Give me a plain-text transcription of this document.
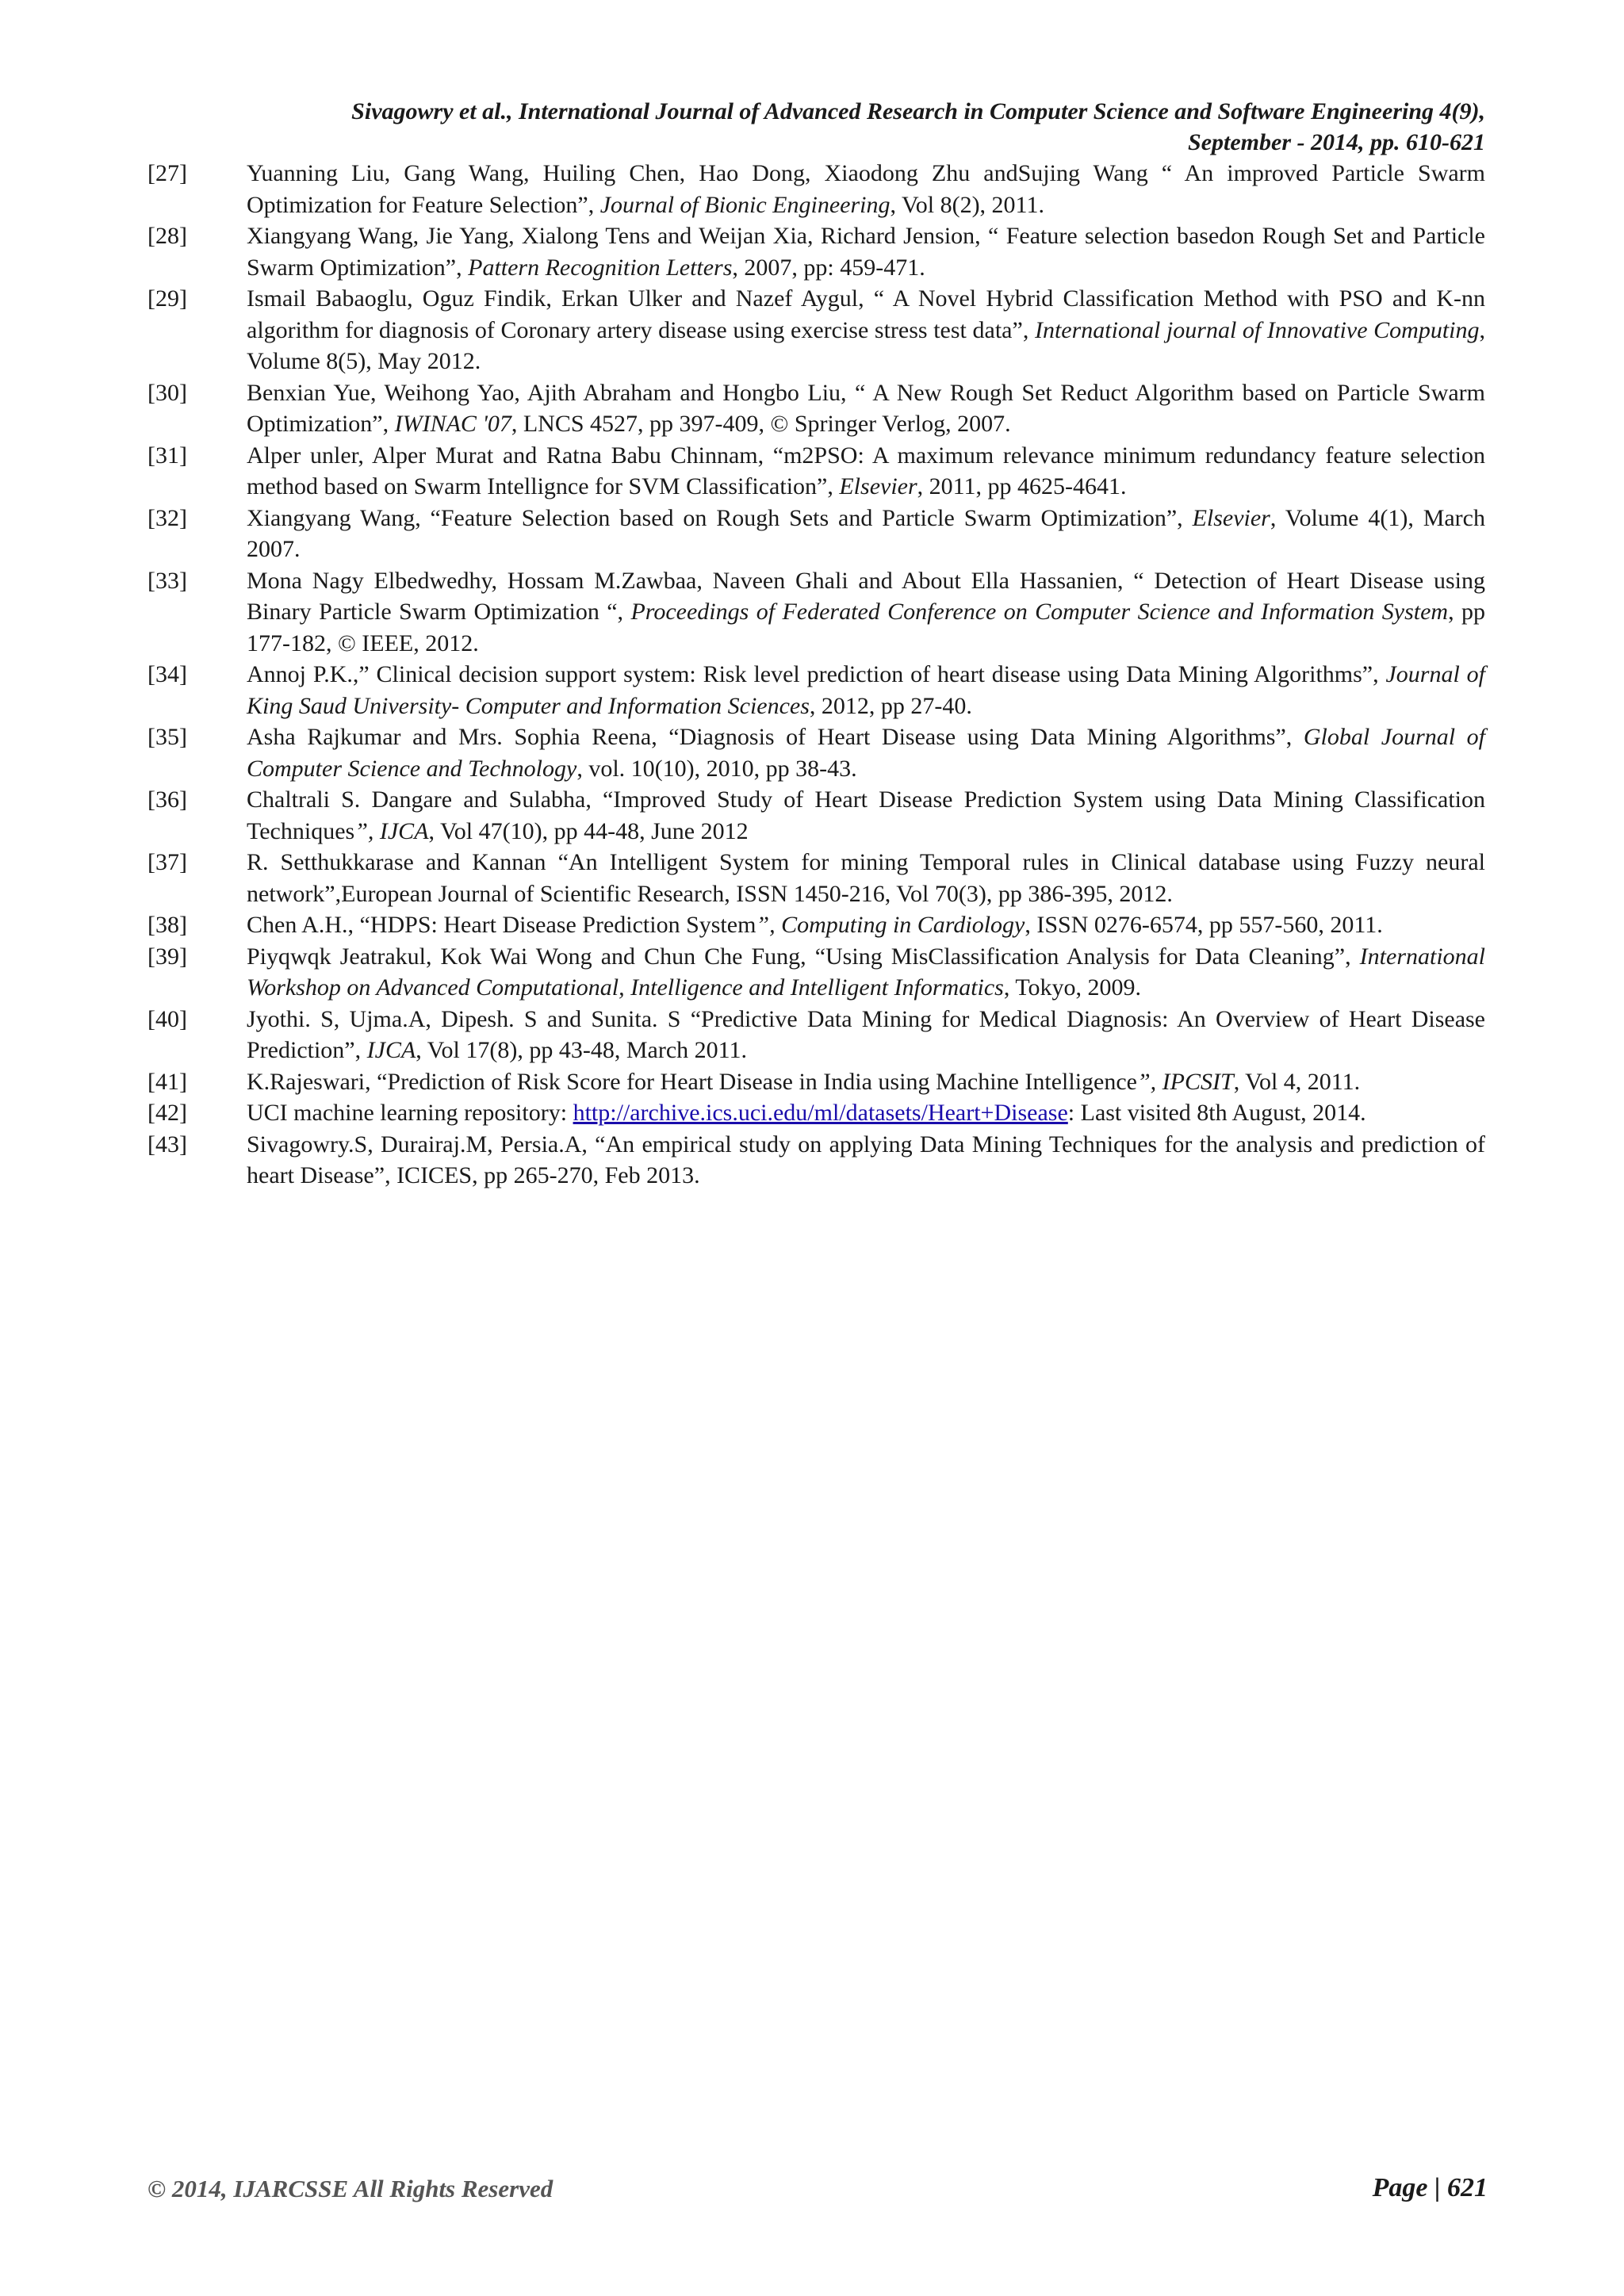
Sivagowry et al., International Journal of Advanced Research in Computer Science and Software Engineering 4(9),
September - 2014, pp. 610-621
[27]	Yuanning Liu, Gang Wang, Huiling Chen, Hao Dong, Xiaodong Zhu andSujing Wang “ An improved Particle Swarm Optimization for Feature Selection”, Journal of Bionic Engineering, Vol 8(2), 2011.
[28]	Xiangyang Wang, Jie Yang, Xialong Tens and Weijan Xia, Richard Jension, “ Feature selection basedon Rough Set and Particle Swarm Optimization”, Pattern Recognition Letters, 2007, pp: 459-471.
[29]	Ismail Babaoglu, Oguz Findik, Erkan Ulker and Nazef Aygul, “ A Novel Hybrid Classification Method with PSO and K-nn algorithm for diagnosis of Coronary artery disease using exercise stress test data”, International journal of Innovative Computing, Volume 8(5), May 2012.
[30]	Benxian Yue, Weihong Yao, Ajith Abraham and Hongbo Liu, “ A New Rough Set Reduct Algorithm based on Particle Swarm Optimization”, IWINAC '07, LNCS 4527, pp 397-409, © Springer Verlog, 2007.
[31]	Alper unler, Alper Murat and Ratna Babu Chinnam, “m2PSO: A maximum relevance minimum redundancy feature selection method based on Swarm Intellignce for SVM Classification”, Elsevier, 2011, pp 4625-4641.
[32]	Xiangyang Wang, “Feature Selection based on Rough Sets and Particle Swarm Optimization”, Elsevier, Volume 4(1), March 2007.
[33]	Mona Nagy Elbedwedhy, Hossam M.Zawbaa, Naveen Ghali and About Ella Hassanien, “ Detection of Heart Disease using Binary Particle Swarm Optimization “, Proceedings of Federated Conference on Computer Science and Information System, pp 177-182, © IEEE, 2012.
[34]	Annoj P.K.,” Clinical decision support system: Risk level prediction of heart disease using Data Mining Algorithms”, Journal of King Saud University- Computer and Information Sciences, 2012, pp 27-40.
[35]	Asha Rajkumar and Mrs. Sophia Reena, “Diagnosis of Heart Disease using Data Mining Algorithms”, Global Journal of Computer Science and Technology, vol. 10(10), 2010, pp 38-43.
[36]	Chaltrali S. Dangare and Sulabha, “Improved Study of Heart Disease Prediction System using Data Mining Classification Techniques”, IJCA, Vol 47(10), pp 44-48, June 2012
[37]	R. Setthukkarase and Kannan “An Intelligent System for mining Temporal rules in Clinical database using Fuzzy neural network”,European Journal of Scientific Research, ISSN 1450-216, Vol 70(3), pp 386-395, 2012.
[38]	Chen A.H., “HDPS: Heart Disease Prediction System”, Computing in Cardiology, ISSN 0276-6574, pp 557-560, 2011.
[39]	Piyqwqk Jeatrakul, Kok Wai Wong and Chun Che Fung, “Using MisClassification Analysis for Data Cleaning”, International Workshop on Advanced Computational, Intelligence and Intelligent Informatics, Tokyo, 2009.
[40]	Jyothi. S, Ujma.A, Dipesh. S and Sunita. S “Predictive Data Mining for Medical Diagnosis: An Overview of Heart Disease Prediction”, IJCA, Vol 17(8), pp 43-48, March 2011.
[41]	K.Rajeswari, “Prediction of Risk Score for Heart Disease in India using Machine Intelligence”, IPCSIT, Vol 4, 2011.
[42]	UCI machine learning repository: http://archive.ics.uci.edu/ml/datasets/Heart+Disease: Last visited 8th August, 2014.
[43]	Sivagowry.S, Durairaj.M, Persia.A, “An empirical study on applying Data Mining Techniques for the analysis and prediction of heart Disease”, ICICES, pp 265-270, Feb 2013.
© 2014, IJARCSSE All Rights Reserved	Page | 621
